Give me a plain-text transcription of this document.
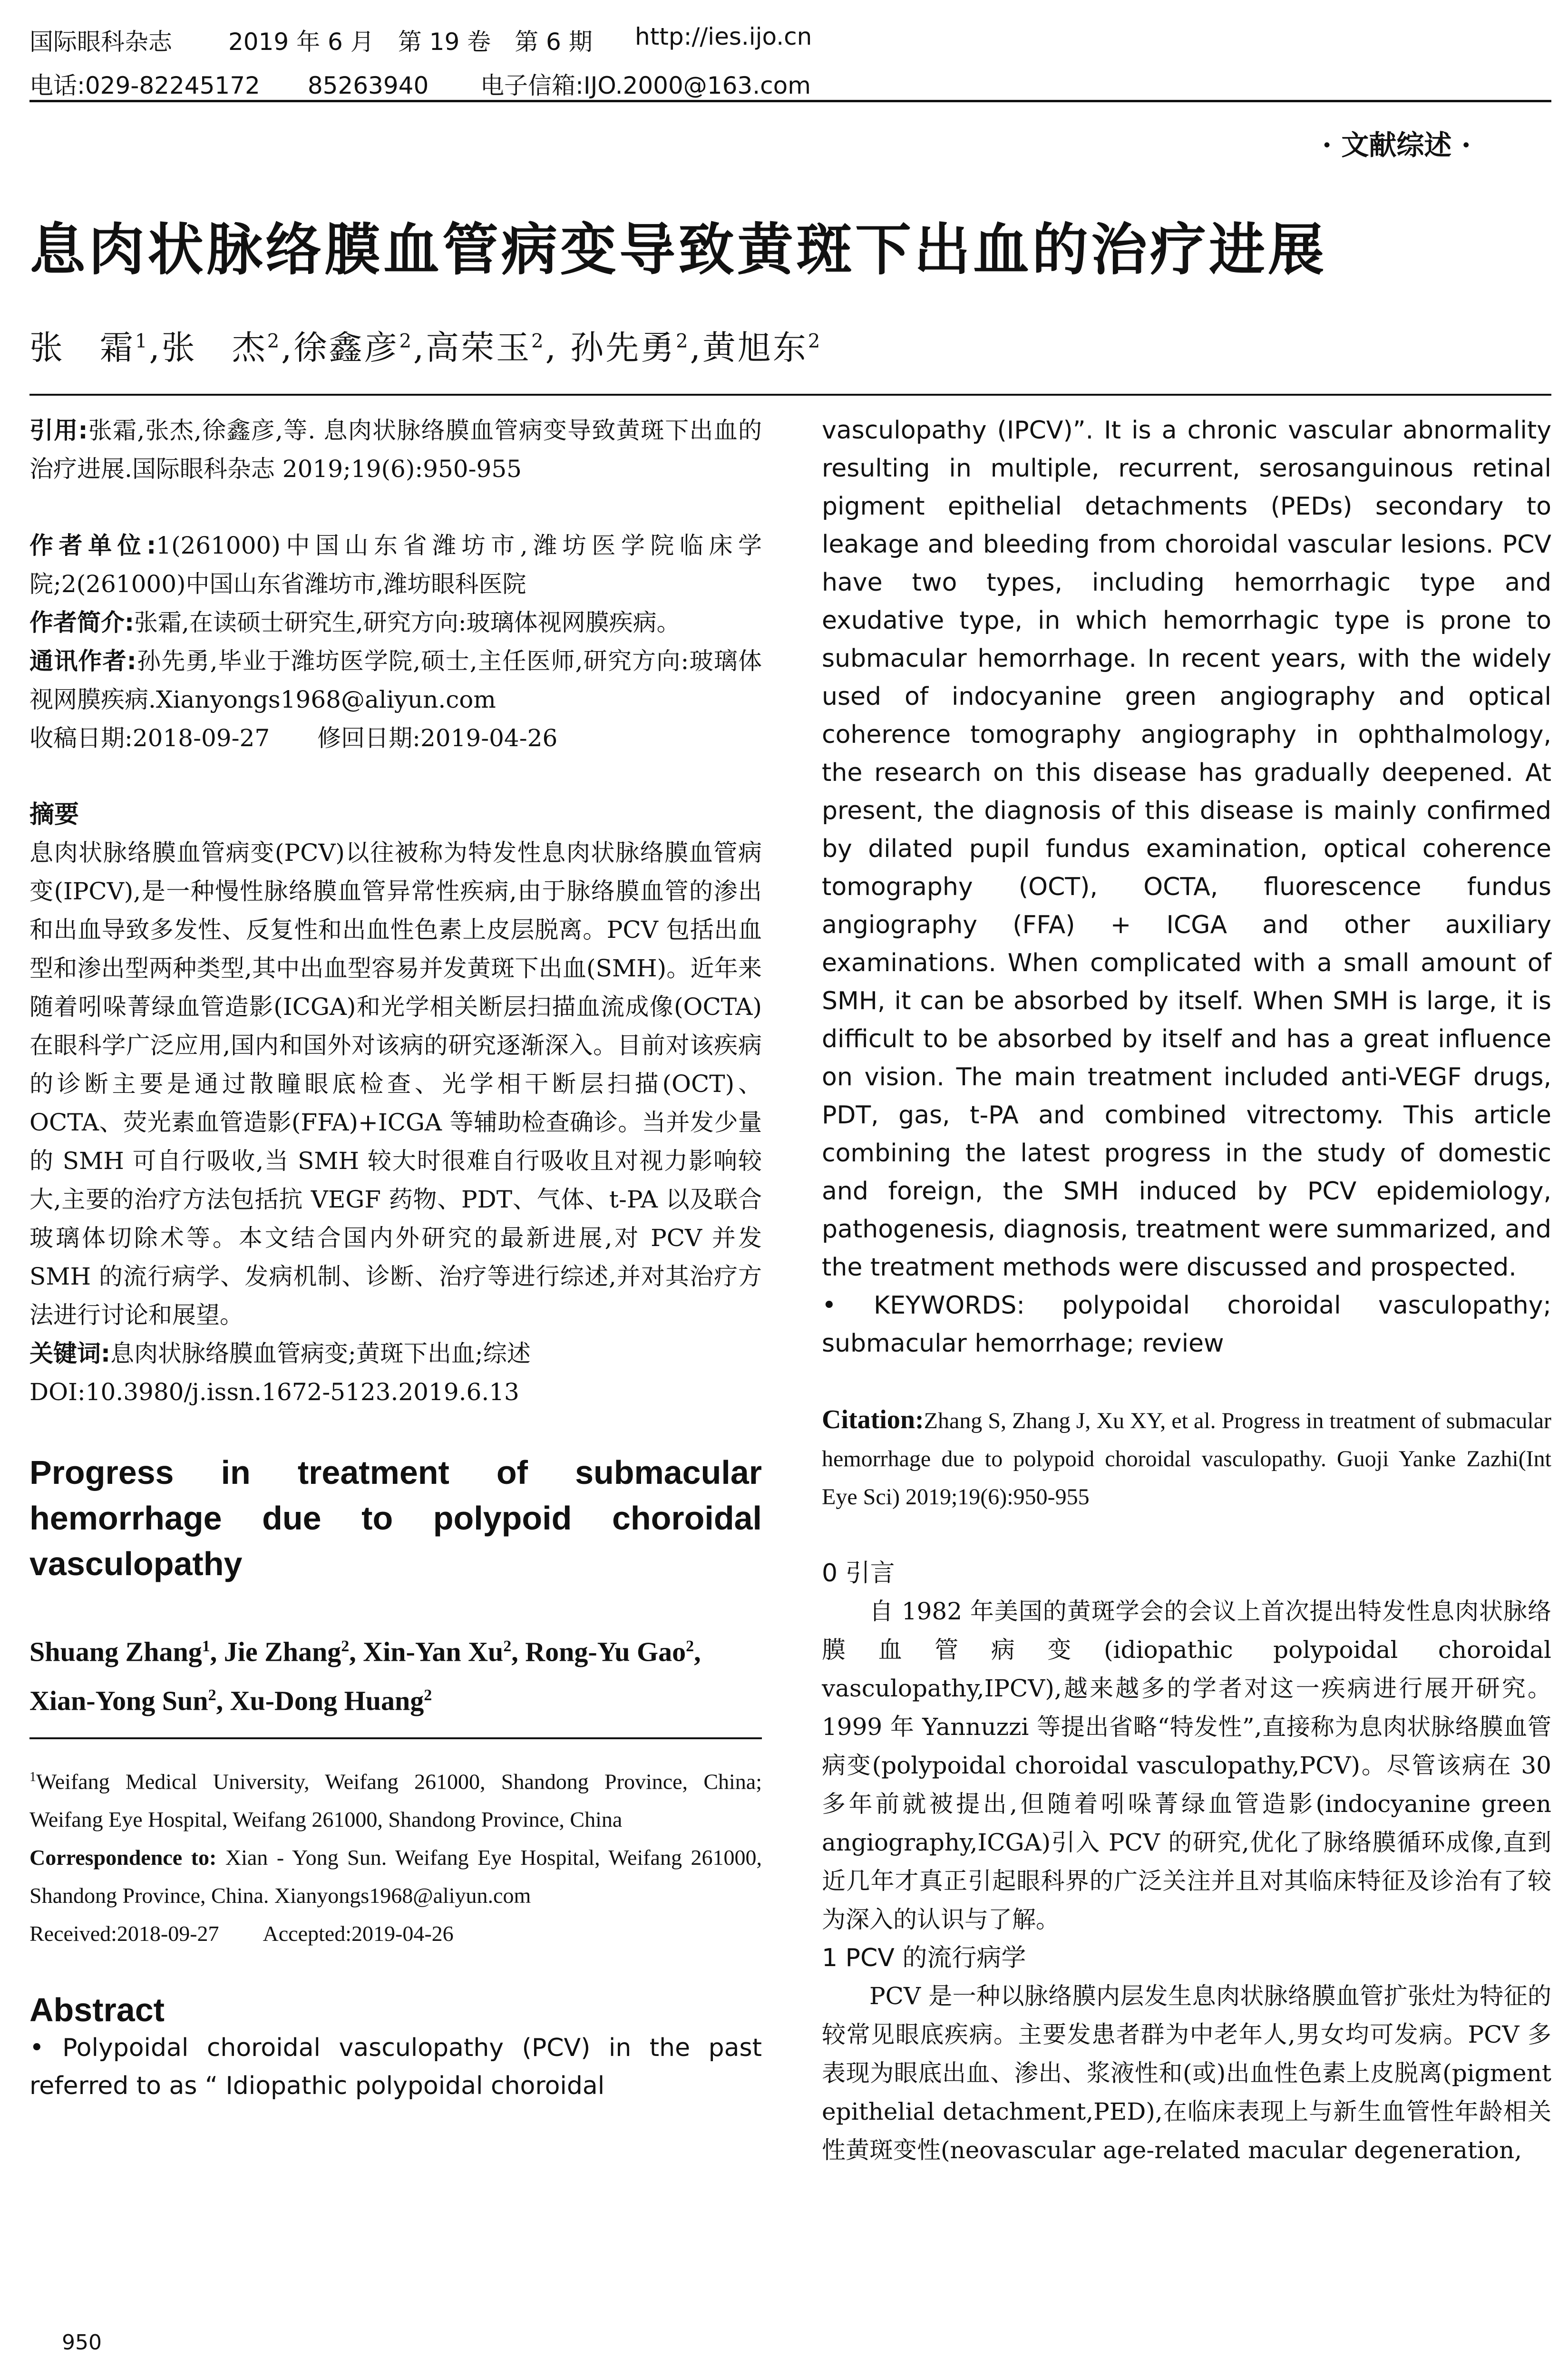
国际眼科杂志 2019 年 6 月　第 19 卷　第 6 期 http://ies.ijo.cn
电话:029-82245172　　85263940 电子信箱:IJO.2000@163.com
· 文献综述 ·
息肉状脉络膜血管病变导致黄斑下出血的治疗进展
张　霜$^1$,张　杰$^2$,徐鑫彦$^2$,高荣玉$^2$, 孙先勇$^2$,黄旭东$^2$

引用:张霜,张杰,徐鑫彦,等. 息肉状脉络膜血管病变导致黄斑下出血的治疗进展.国际眼科杂志 2019;19(6):950-955

作者单位:1(261000)中国山东省潍坊市,潍坊医学院临床学院;2(261000)中国山东省潍坊市,潍坊眼科医院

作者简介:张霜,在读硕士研究生,研究方向:玻璃体视网膜疾病。

通讯作者:孙先勇,毕业于潍坊医学院,硕士,主任医师,研究方向:玻璃体视网膜疾病.Xianyongs1968@aliyun.com

收稿日期:2018-09-27　　修回日期:2019-04-26

摘要

息肉状脉络膜血管病变(PCV)以往被称为特发性息肉状脉络膜血管病变(IPCV),是一种慢性脉络膜血管异常性疾病,由于脉络膜血管的渗出和出血导致多发性、反复性和出血性色素上皮层脱离。PCV 包括出血型和渗出型两种类型,其中出血型容易并发黄斑下出血(SMH)。近年来随着吲哚菁绿血管造影(ICGA)和光学相关断层扫描血流成像(OCTA)在眼科学广泛应用,国内和国外对该病的研究逐渐深入。目前对该疾病的诊断主要是通过散瞳眼底检查、光学相干断层扫描(OCT)、OCTA、荧光素血管造影(FFA)+ICGA 等辅助检查确诊。当并发少量的 SMH 可自行吸收,当 SMH 较大时很难自行吸收且对视力影响较大,主要的治疗方法包括抗 VEGF 药物、PDT、气体、t-PA 以及联合玻璃体切除术等。本文结合国内外研究的最新进展,对 PCV 并发 SMH 的流行病学、发病机制、诊断、治疗等进行综述,并对其治疗方法进行讨论和展望。

关键词:息肉状脉络膜血管病变;黄斑下出血;综述

DOI:10.3980/j.issn.1672-5123.2019.6.13

Progress in treatment of submacular hemorrhage due to polypoid choroidal vasculopathy

Shuang Zhang$^1$, Jie Zhang$^2$, Xin-Yan Xu$^2$, Rong-Yu Gao$^2$, Xian-Yong Sun$^2$, Xu-Dong Huang$^2$

$^1$Weifang Medical University, Weifang 261000, Shandong Province, China; Weifang Eye Hospital, Weifang 261000, Shandong Province, China

Correspondence to: Xian - Yong Sun. Weifang Eye Hospital, Weifang 261000, Shandong Province, China. Xianyongs1968@aliyun.com

Received:2018-09-27　　Accepted:2019-04-26

Abstract

• Polypoidal choroidal vasculopathy (PCV) in the past referred to as “ Idiopathic polypoidal choroidal

950

vasculopathy (IPCV)”. It is a chronic vascular abnormality resulting in multiple, recurrent, serosanguinous retinal pigment epithelial detachments (PEDs) secondary to leakage and bleeding from choroidal vascular lesions. PCV have two types, including hemorrhagic type and exudative type, in which hemorrhagic type is prone to submacular hemorrhage. In recent years, with the widely used of indocyanine green angiography and optical coherence tomography angiography in ophthalmology, the research on this disease has gradually deepened. At present, the diagnosis of this disease is mainly confirmed by dilated pupil fundus examination, optical coherence tomography (OCT), OCTA, fluorescence fundus angiography (FFA) + ICGA and other auxiliary examinations. When complicated with a small amount of SMH, it can be absorbed by itself. When SMH is large, it is difficult to be absorbed by itself and has a great influence on vision. The main treatment included anti-VEGF drugs, PDT, gas, t-PA and combined vitrectomy. This article combining the latest progress in the study of domestic and foreign, the SMH induced by PCV epidemiology, pathogenesis, diagnosis, treatment were summarized, and the treatment methods were discussed and prospected.

• KEYWORDS: polypoidal choroidal vasculopathy; submacular hemorrhage; review

Citation:Zhang S, Zhang J, Xu XY, et al. Progress in treatment of submacular hemorrhage due to polypoid choroidal vasculopathy. Guoji Yanke Zazhi(Int Eye Sci) 2019;19(6):950-955

0 引言

自 1982 年美国的黄斑学会的会议上首次提出特发性息肉状脉络膜血管病变(idiopathic polypoidal choroidal vasculopathy,IPCV),越来越多的学者对这一疾病进行展开研究。1999 年 Yannuzzi 等提出省略“特发性”,直接称为息肉状脉络膜血管病变(polypoidal choroidal vasculopathy,PCV)。尽管该病在 30 多年前就被提出,但随着吲哚菁绿血管造影(indocyanine green angiography,ICGA)引入 PCV 的研究,优化了脉络膜循环成像,直到近几年才真正引起眼科界的广泛关注并且对其临床特征及诊治有了较为深入的认识与了解。

1 PCV 的流行病学

PCV 是一种以脉络膜内层发生息肉状脉络膜血管扩张灶为特征的较常见眼底疾病。主要发患者群为中老年人,男女均可发病。PCV 多表现为眼底出血、渗出、浆液性和(或)出血性色素上皮脱离(pigment epithelial detachment,PED),在临床表现上与新生血管性年龄相关性黄斑变性(neovascular age-related macular degeneration,
